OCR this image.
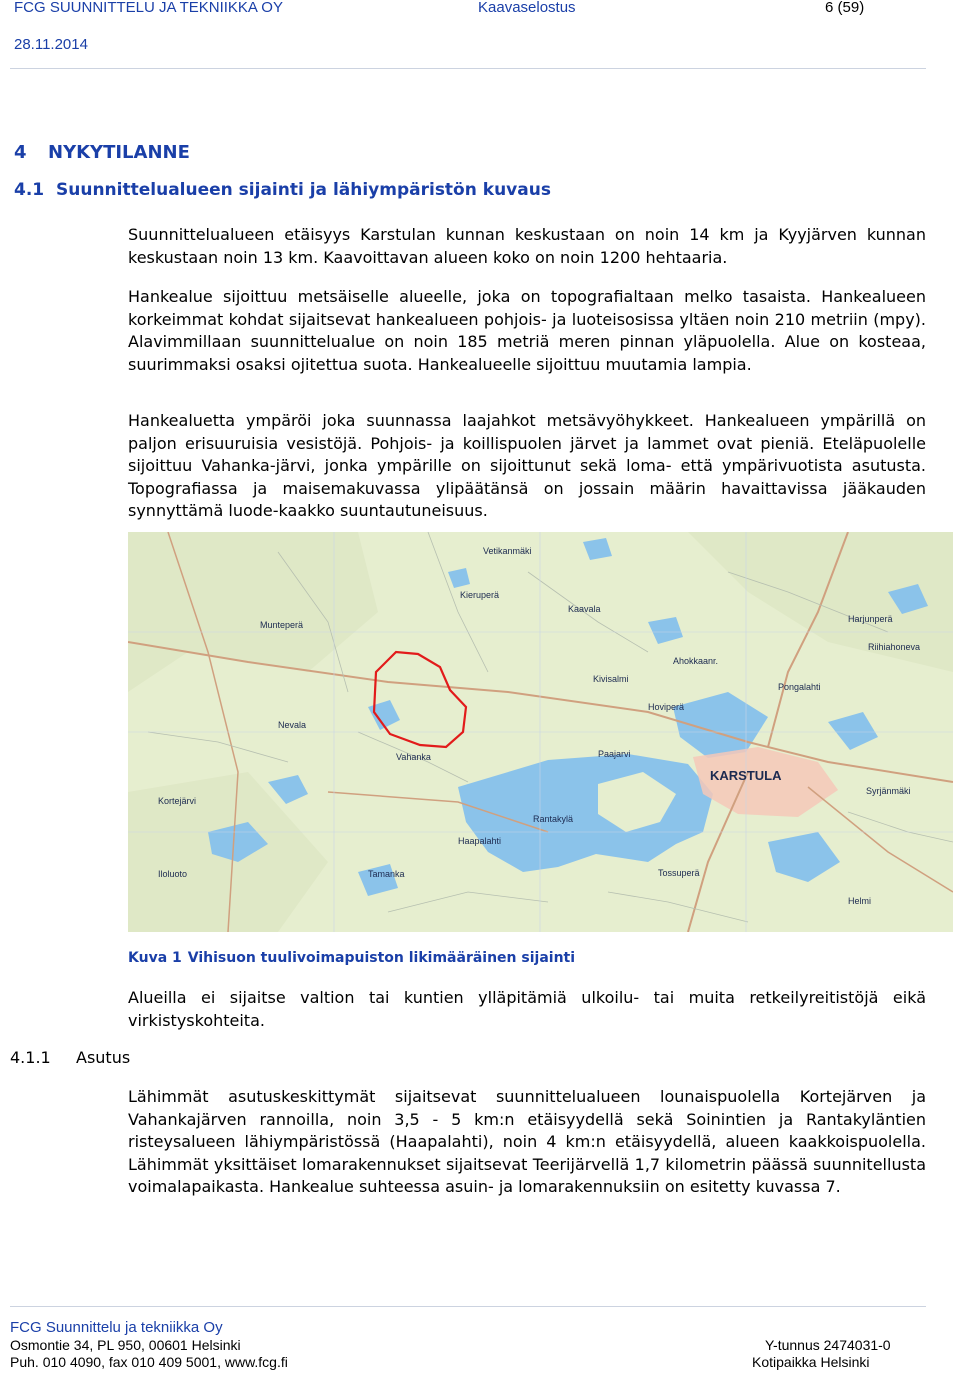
FCG SUUNNITTELU JA TEKNIIKKA OY	Kaavaselostus	6 (59)
28.11.2014
4 NYKYTILANNE
4.1 Suunnittelualueen sijainti ja lähiympäristön kuvaus
Suunnittelualueen etäisyys Karstulan kunnan keskustaan on noin 14 km ja Kyyjärven kunnan keskustaan noin 13 km. Kaavoittavan alueen koko on noin 1200 hehtaaria.
Hankealue sijoittuu metsäiselle alueelle, joka on topografialtaan melko tasaista. Hankealueen korkeimmat kohdat sijaitsevat hankealueen pohjois- ja luoteisosissa yltäen noin 210 metriin (mpy). Alavimmillaan suunnittelualue on noin 185 metriä meren pinnan yläpuolella. Alue on kosteaa, suurimmaksi osaksi ojitettua suota. Hankealueelle sijoittuu muutamia lampia.
Hankealuetta ympäröi joka suunnassa laajahkot metsävyöhykkeet. Hankealueen ympärillä on paljon erisuuruisia vesistöjä. Pohjois- ja koillispuolen järvet ja lammet ovat pieniä. Eteläpuolelle sijoittuu Vahanka-järvi, jonka ympärille on sijoittunut sekä loma- että ympärivuotista asutusta. Topografiassa ja maisemakuvassa ylipäätänsä on jossain määrin havaittavissa jääkauden synnyttämä luode-kaakko suuntautuneisuus.
KARSTULA
Paajarvi
Vahanka
Munteperä
Kieruperä
Kivisalmi
Rantakylä
Haapalahti
Hoviperä
Ahokkaanr.
Kaavala
Vetikanmäki
Harjunperä
Riihiahoneva
Pongalahti
Tossuperä
Syrjänmäki
Tamanka
Kortejärvi
Iloluoto
Helmi
Nevala
Kuva 1 Vihisuon tuulivoimapuiston likimääräinen sijainti
Alueilla ei sijaitse valtion tai kuntien ylläpitämiä ulkoilu- tai muita retkeilyreitistöjä eikä virkistyskohteita.
4.1.1 Asutus
Lähimmät asutuskeskittymät sijaitsevat suunnittelualueen lounaispuolella Kortejärven ja Vahankajärven rannoilla, noin 3,5 - 5 km:n etäisyydellä sekä Soinintien ja Rantakyläntien risteysalueen lähiympäristössä (Haapalahti), noin 4 km:n etäisyydellä, alueen kaakkoispuolella. Lähimmät yksittäiset lomarakennukset sijaitsevat Teerijärvellä 1,7 kilometrin päässä suunnitellusta voimalapaikasta. Hankealue suhteessa asuin- ja lomarakennuksiin on esitetty kuvassa 7.
FCG Suunnittelu ja tekniikka Oy
Osmontie 34, PL 950, 00601 Helsinki
Puh. 010 4090, fax 010 409 5001, www.fcg.fi
Y-tunnus 2474031-0
Kotipaikka Helsinki
